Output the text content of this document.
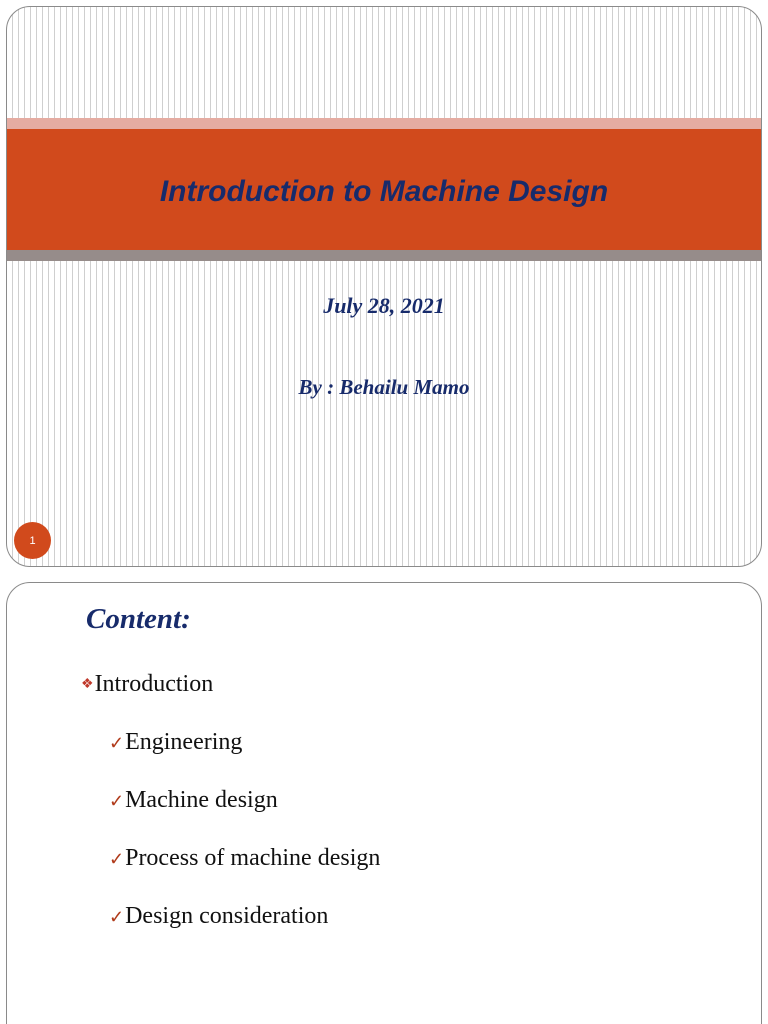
Introduction to Machine Design
July 28, 2021
By : Behailu Mamo
1
Content:
❖ Introduction
✓ Engineering
✓ Machine design
✓ Process of machine design
✓ Design consideration
